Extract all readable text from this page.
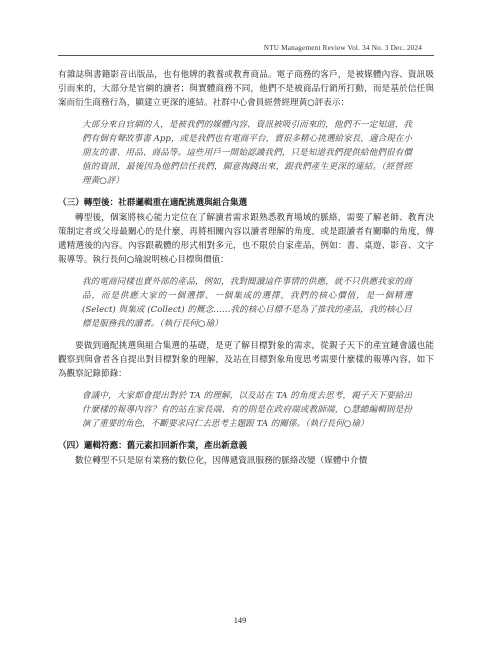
NTU Management Review Vol. 34 No. 3 Dec. 2024

有雜誌與書籍影音出版品，也有他牌的教養或教育商品。電子商務的客戶，是被媒體內容、資訊吸引而來的，大部分是官網的讀者；與實體商務不同，他們不是被商品行銷所打動，而是基於信任與案而衍生商務行為，顯建立更深的連結。社群中心會員經營經理黃○評表示：

大部分來自官網的人，是被我們的媒體內容、資訊被吸引而來的，他們不一定知道，我們有個有聲故事書 App，或是我們也有電商平台，賣很多精心挑選給家長，適合現在小朋友的書、用品、商品等。這些用戶一開始認識我們，只是知道我們提供給他們很有價值的資訊，最後因為他們信任我們，願意掏錢出來，跟我們產生更深的連結。（經營經理黃○評）
（三）轉型後：社群邏輯重在適配挑選與組合集選

轉型後，個案將核心能力定位在了解讀者需求跟熟悉教育場域的脈絡，需要了解老師、教育決策制定者或父母最關心的是什麼，再將相關內容以讀者理解的角度，或是跟讀者有關聯的角度，傳遞精選後的內容。內容跟載體的形式相對多元，也不限於自家產品，例如：書、桌遊、影音、文字報導等。執行長何○瑜說明核心目標與價值：

我的電商同樣也賣外部的產品，例如，我對閱讀這件事情的供應，就不只供應我家的商品，而是供應大家的一個選擇、一個集成的選擇，我們的核心價值，是一個精選 (Select) 與集成 (Collect) 的概念……我的核心目標不是為了推我的產品，我的核心目標是服務我的讀者。（執行長何○瑜）

要做到適配挑選與組合集選的基礎，是更了解目標對象的需求，從親子天下的產宜鏈會議也能觀察到與會者各自提出對目標對象的理解，及站在目標對象角度思考需要什麼樣的報導內容，如下為觀察記錄節錄：

會議中，大家都會提出對於 TA 的理解，以及站在 TA 的角度去思考，親子天下要給出什麼樣的報導內容？有的站在家長端、有的則是在政府端或教師端，○慧總編輯則是扮演了重要的角色，不斷要求同仁去思考主題跟 TA 的關係。（執行長何○瑜）
（四）邏輯符應：舊元素扣回新作業，產出新意義

數位轉型不只是原有業務的數位化，因傳遞資訊服務的脈絡改變（媒體中介價

149
